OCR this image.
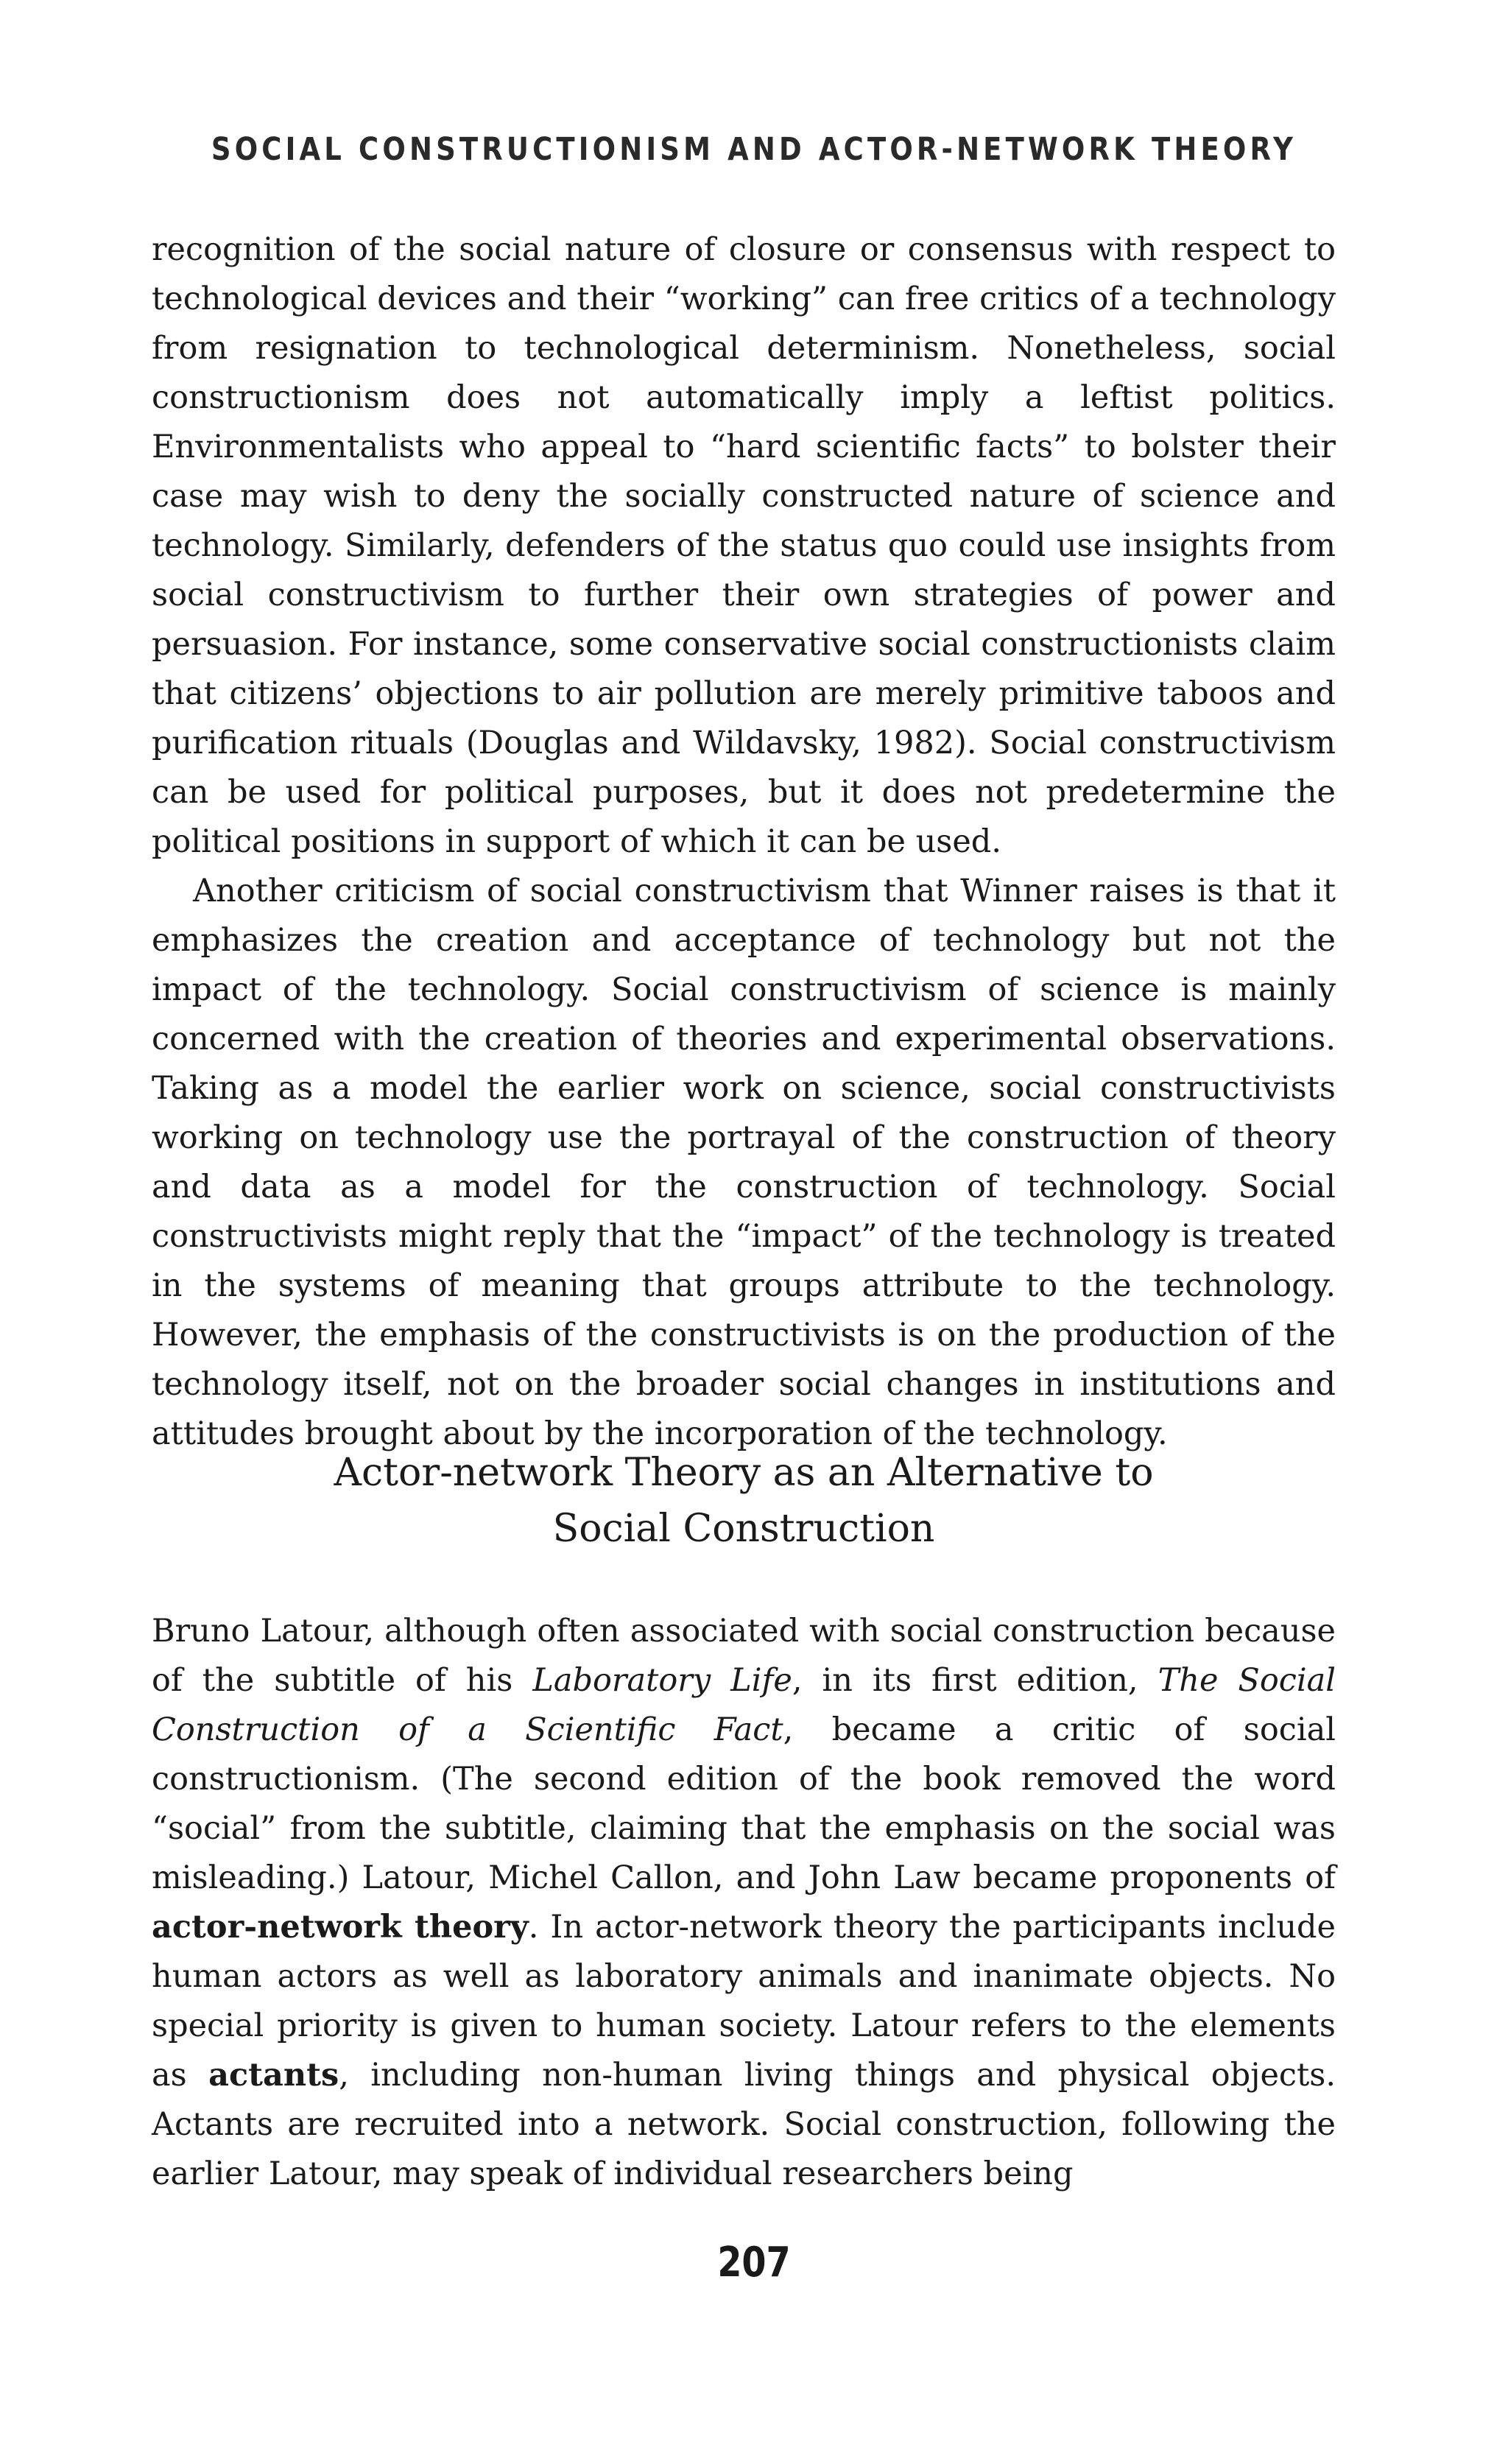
SOCIAL CONSTRUCTIONISM AND ACTOR-NETWORK THEORY

recognition of the social nature of closure or consensus with respect to technological devices and their “working” can free critics of a technology from resignation to technological determinism. Nonetheless, social constructionism does not automatically imply a leftist politics. Environmentalists who appeal to “hard scientific facts” to bolster their case may wish to deny the socially constructed nature of science and technology. Similarly, defenders of the status quo could use insights from social constructivism to further their own strategies of power and persuasion. For instance, some conservative social constructionists claim that citizens’ objections to air pollution are merely primitive taboos and purification rituals (Douglas and Wildavsky, 1982). Social constructivism can be used for political purposes, but it does not predetermine the political positions in support of which it can be used.

Another criticism of social constructivism that Winner raises is that it emphasizes the creation and acceptance of technology but not the impact of the technology. Social constructivism of science is mainly concerned with the creation of theories and experimental observations. Taking as a model the earlier work on science, social constructivists working on technology use the portrayal of the construction of theory and data as a model for the construction of technology. Social constructivists might reply that the “impact” of the technology is treated in the systems of meaning that groups attribute to the technology. However, the emphasis of the constructivists is on the production of the technology itself, not on the broader social changes in institutions and attitudes brought about by the incorporation of the technology.

Actor-network Theory as an Alternative to
Social Construction

Bruno Latour, although often associated with social construction because of the subtitle of his Laboratory Life, in its first edition, The Social Construction of a Scientific Fact, became a critic of social constructionism. (The second edition of the book removed the word “social” from the subtitle, claiming that the emphasis on the social was misleading.) Latour, Michel Callon, and John Law became proponents of actor-network theory. In actor-network theory the participants include human actors as well as laboratory animals and inanimate objects. No special priority is given to human society. Latour refers to the elements as actants, including non-human living things and physical objects. Actants are recruited into a network. Social construction, following the earlier Latour, may speak of individual researchers being

207
